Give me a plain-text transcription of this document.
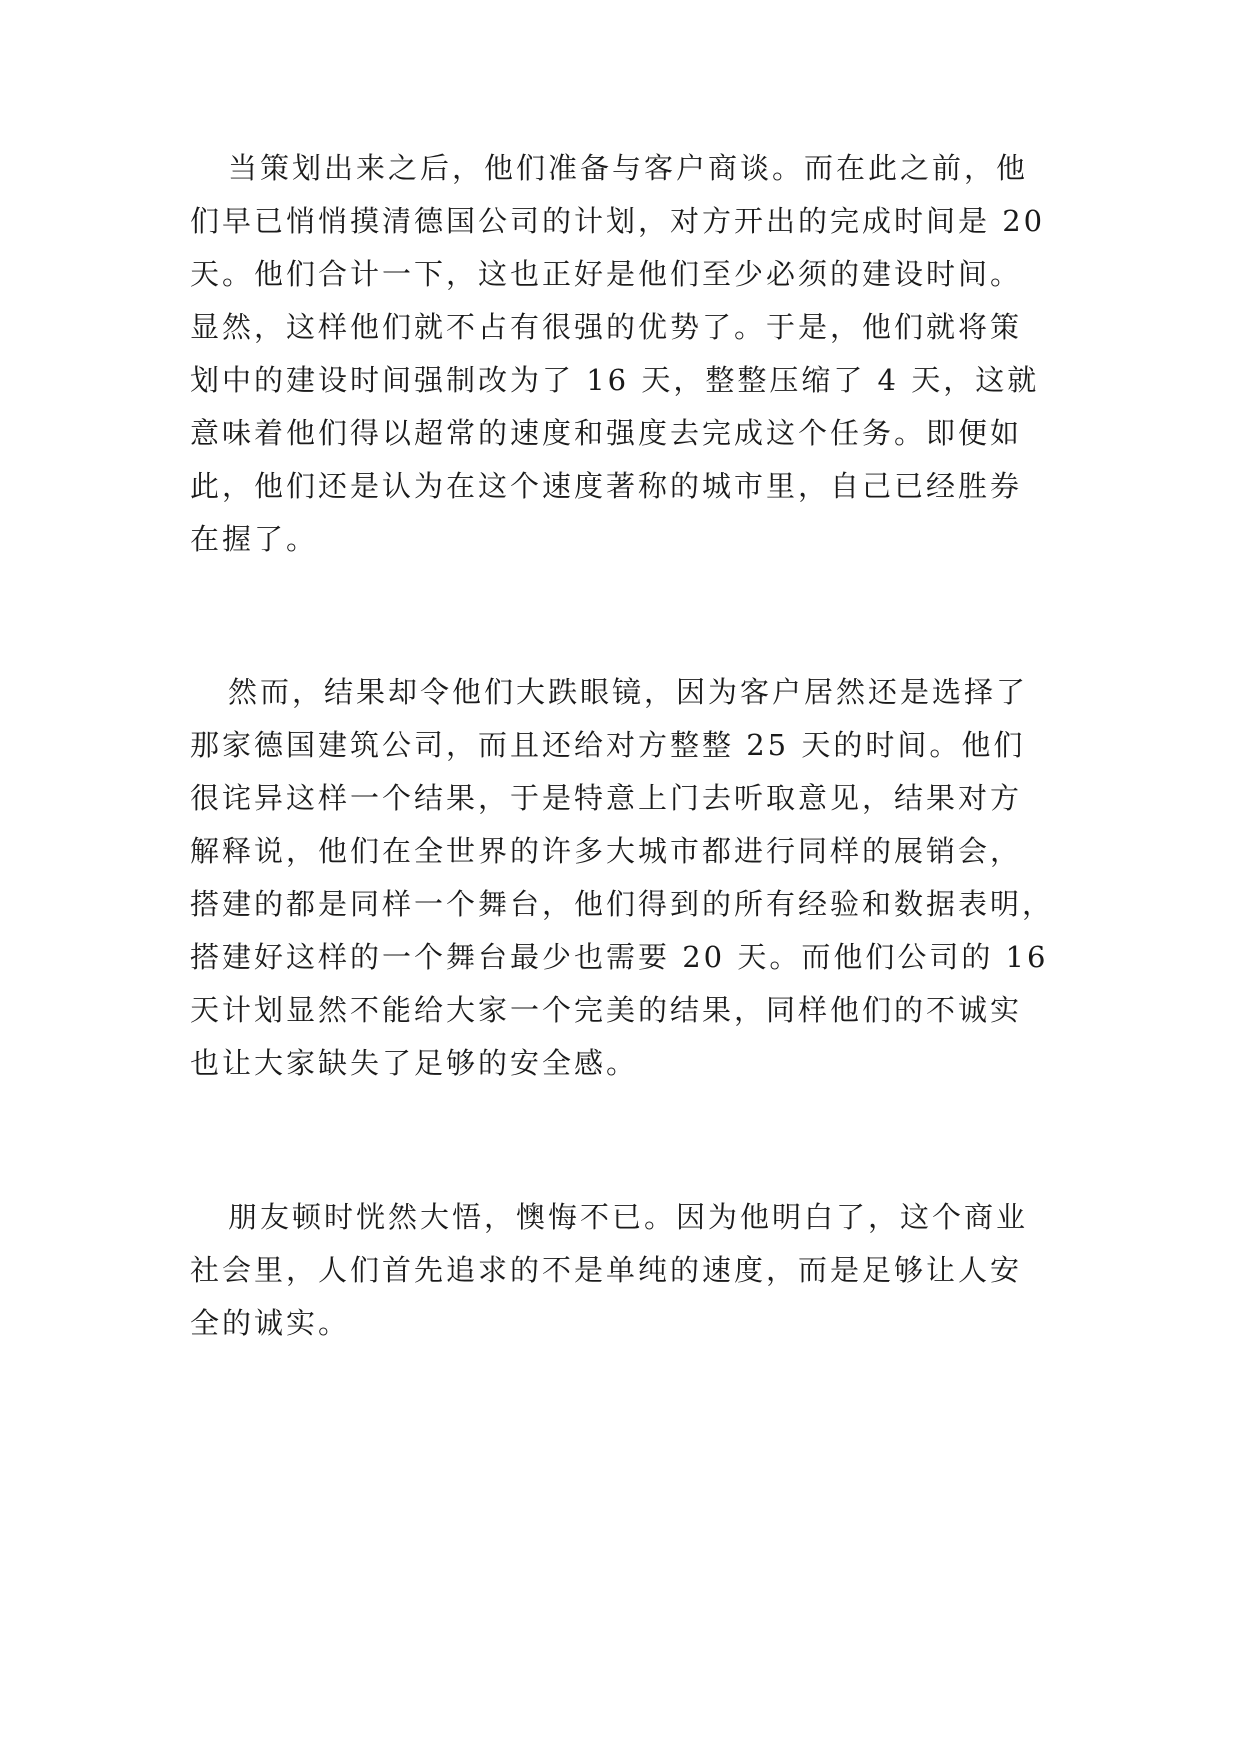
当策划出来之后，他们准备与客户商谈。而在此之前，他
们早已悄悄摸清德国公司的计划，对方开出的完成时间是 20
天。他们合计一下，这也正好是他们至少必须的建设时间。
显然，这样他们就不占有很强的优势了。于是，他们就将策
划中的建设时间强制改为了 16 天，整整压缩了 4 天，这就
意味着他们得以超常的速度和强度去完成这个任务。即便如
此，他们还是认为在这个速度著称的城市里，自己已经胜券
在握了。
然而，结果却令他们大跌眼镜，因为客户居然还是选择了
那家德国建筑公司，而且还给对方整整 25 天的时间。他们
很诧异这样一个结果，于是特意上门去听取意见，结果对方
解释说，他们在全世界的许多大城市都进行同样的展销会，
搭建的都是同样一个舞台，他们得到的所有经验和数据表明，
搭建好这样的一个舞台最少也需要 20 天。而他们公司的 16
天计划显然不能给大家一个完美的结果，同样他们的不诚实
也让大家缺失了足够的安全感。
朋友顿时恍然大悟，懊悔不已。因为他明白了，这个商业
社会里，人们首先追求的不是单纯的速度，而是足够让人安
全的诚实。
